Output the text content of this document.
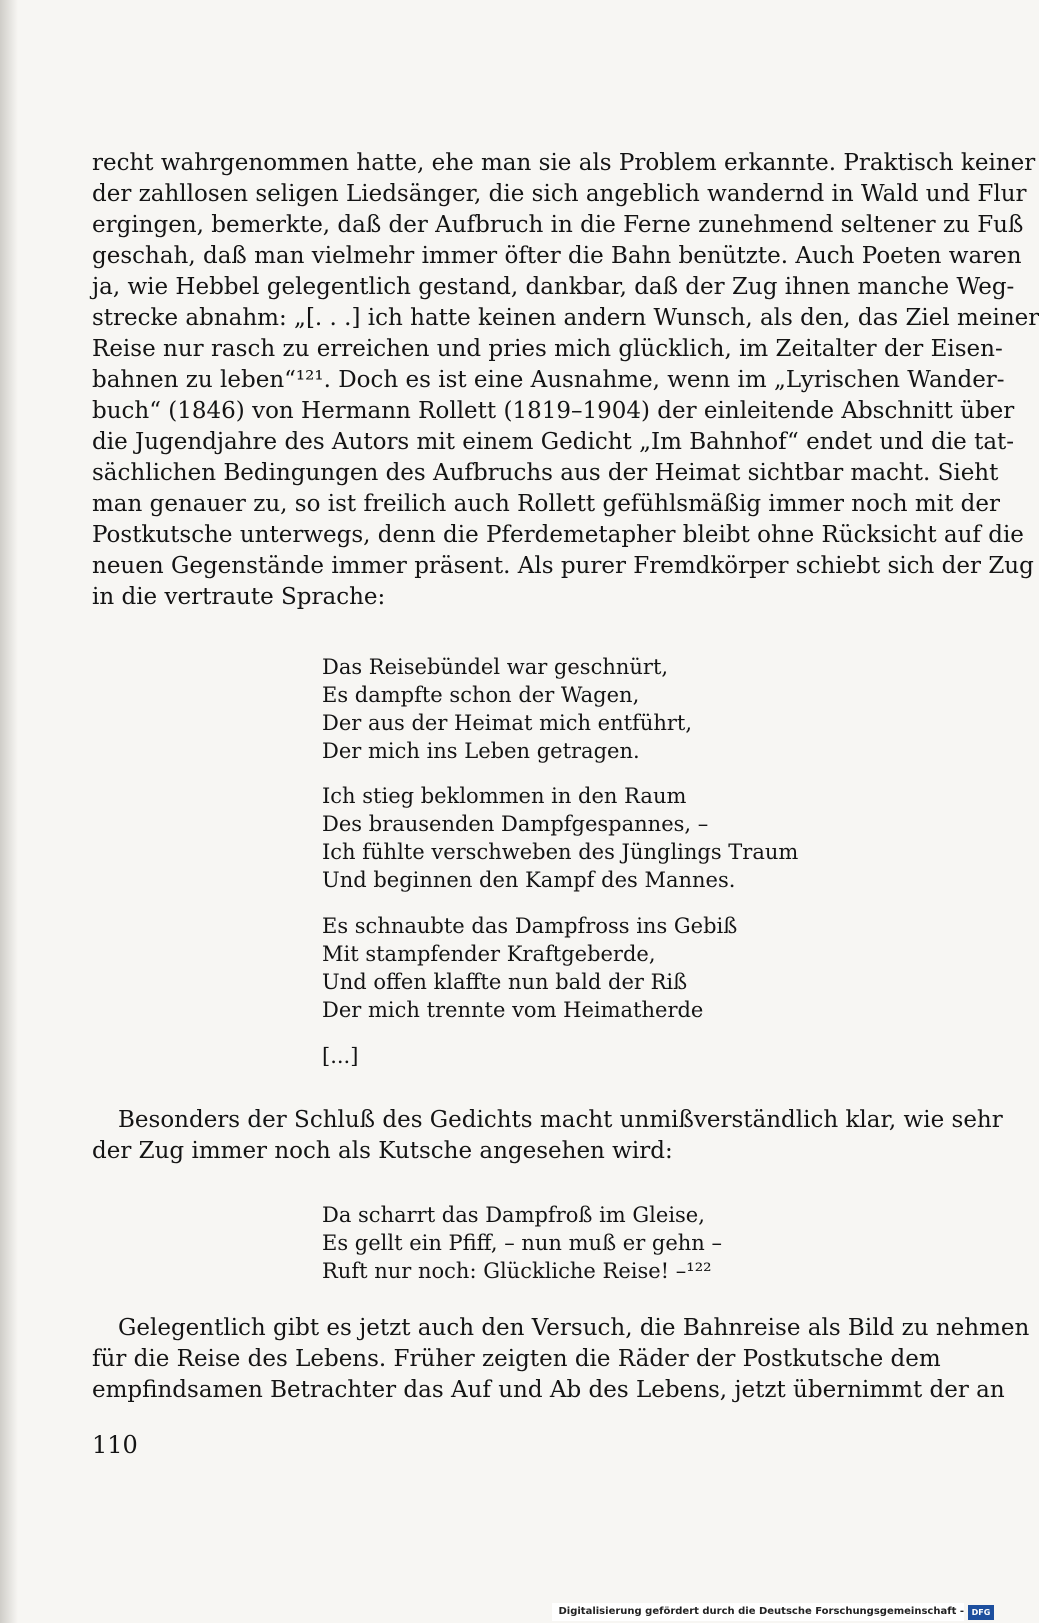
recht wahrgenommen hatte, ehe man sie als Problem erkannte. Praktisch keiner
der zahllosen seligen Liedsänger, die sich angeblich wandernd in Wald und Flur
ergingen, bemerkte, daß der Aufbruch in die Ferne zunehmend seltener zu Fuß
geschah, daß man vielmehr immer öfter die Bahn benützte. Auch Poeten waren
ja, wie Hebbel gelegentlich gestand, dankbar, daß der Zug ihnen manche Weg-
strecke abnahm: „[. . .] ich hatte keinen andern Wunsch, als den, das Ziel meiner
Reise nur rasch zu erreichen und pries mich glücklich, im Zeitalter der Eisen-
bahnen zu leben“¹²¹. Doch es ist eine Ausnahme, wenn im „Lyrischen Wander-
buch“ (1846) von Hermann Rollett (1819–1904) der einleitende Abschnitt über
die Jugendjahre des Autors mit einem Gedicht „Im Bahnhof“ endet und die tat-
sächlichen Bedingungen des Aufbruchs aus der Heimat sichtbar macht. Sieht
man genauer zu, so ist freilich auch Rollett gefühlsmäßig immer noch mit der
Postkutsche unterwegs, denn die Pferdemetapher bleibt ohne Rücksicht auf die
neuen Gegenstände immer präsent. Als purer Fremdkörper schiebt sich der Zug
in die vertraute Sprache:
Das Reisebündel war geschnürt,
Es dampfte schon der Wagen,
Der aus der Heimat mich entführt,
Der mich ins Leben getragen.
Ich stieg beklommen in den Raum
Des brausenden Dampfgespannes, –
Ich fühlte verschweben des Jünglings Traum
Und beginnen den Kampf des Mannes.
Es schnaubte das Dampfross ins Gebiß
Mit stampfender Kraftgeberde,
Und offen klaffte nun bald der Riß
Der mich trennte vom Heimatherde
[...]
Besonders der Schluß des Gedichts macht unmißverständlich klar, wie sehr
der Zug immer noch als Kutsche angesehen wird:
Da scharrt das Dampfroß im Gleise,
Es gellt ein Pfiff, – nun muß er gehn –
Ruft nur noch: Glückliche Reise! –¹²²
Gelegentlich gibt es jetzt auch den Versuch, die Bahnreise als Bild zu nehmen
für die Reise des Lebens. Früher zeigten die Räder der Postkutsche dem
empfindsamen Betrachter das Auf und Ab des Lebens, jetzt übernimmt der an
110
Digitalisierung gefördert durch die Deutsche Forschungsgemeinschaft - DFG
